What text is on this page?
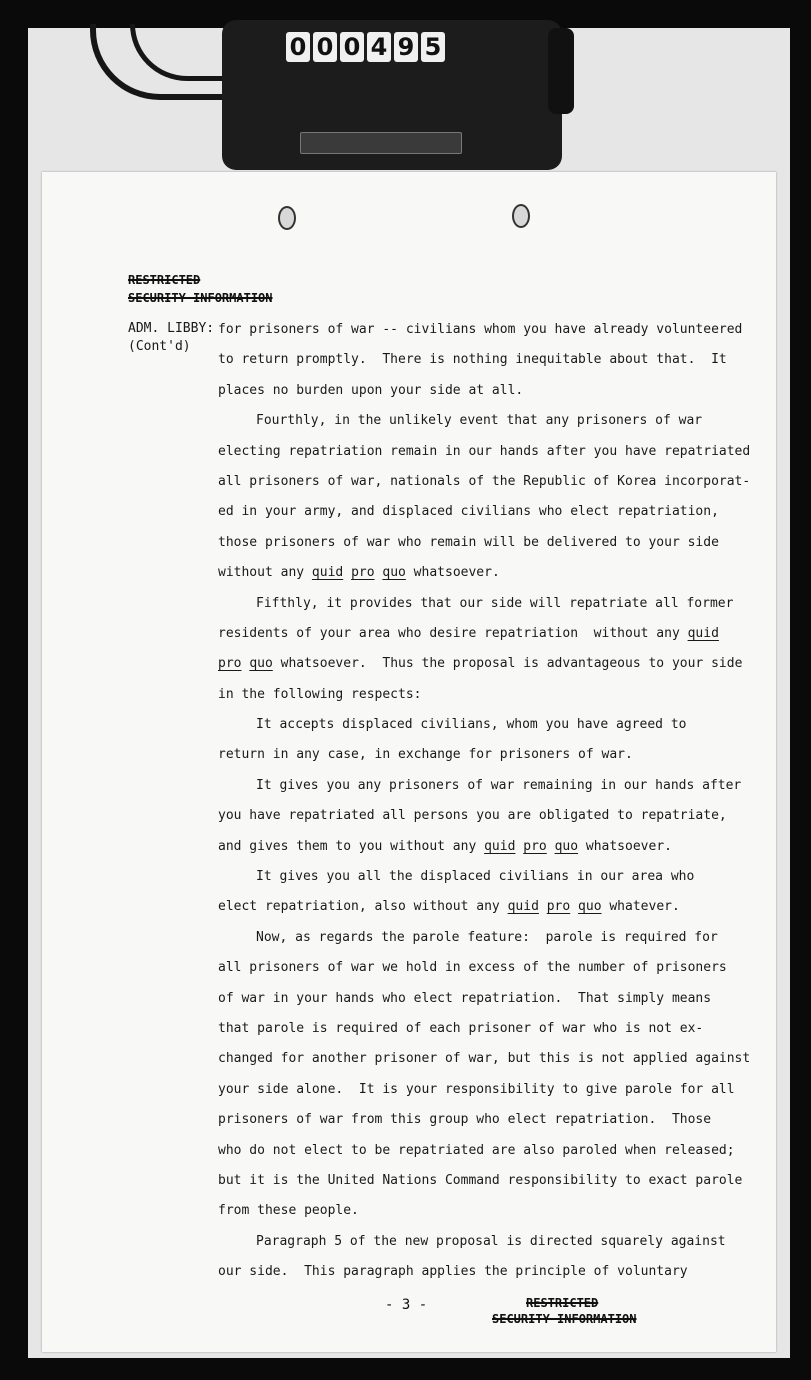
0 0 0 4 9 5
RESTRICTED
SECURITY INFORMATION
ADM. LIBBY:
(Cont'd)
for prisoners of war -- civilians whom you have already volunteered
to return promptly.  There is nothing inequitable about that.  It
places no burden upon your side at all.
Fourthly, in the unlikely event that any prisoners of war
electing repatriation remain in our hands after you have repatriated
all prisoners of war, nationals of the Republic of Korea incorporat-
ed in your army, and displaced civilians who elect repatriation,
those prisoners of war who remain will be delivered to your side
without any quid pro quo whatsoever.
Fifthly, it provides that our side will repatriate all former
residents of your area who desire repatriation  without any quid
pro quo whatsoever.  Thus the proposal is advantageous to your side
in the following respects:
It accepts displaced civilians, whom you have agreed to
return in any case, in exchange for prisoners of war.
It gives you any prisoners of war remaining in our hands after
you have repatriated all persons you are obligated to repatriate,
and gives them to you without any quid pro quo whatsoever.
It gives you all the displaced civilians in our area who
elect repatriation, also without any quid pro quo whatever.
Now, as regards the parole feature:  parole is required for
all prisoners of war we hold in excess of the number of prisoners
of war in your hands who elect repatriation.  That simply means
that parole is required of each prisoner of war who is not ex-
changed for another prisoner of war, but this is not applied against
your side alone.  It is your responsibility to give parole for all
prisoners of war from this group who elect repatriation.  Those
who do not elect to be repatriated are also paroled when released;
but it is the United Nations Command responsibility to exact parole
from these people.
Paragraph 5 of the new proposal is directed squarely against
our side.  This paragraph applies the principle of voluntary
- 3 -	RESTRICTED
SECURITY INFORMATION
